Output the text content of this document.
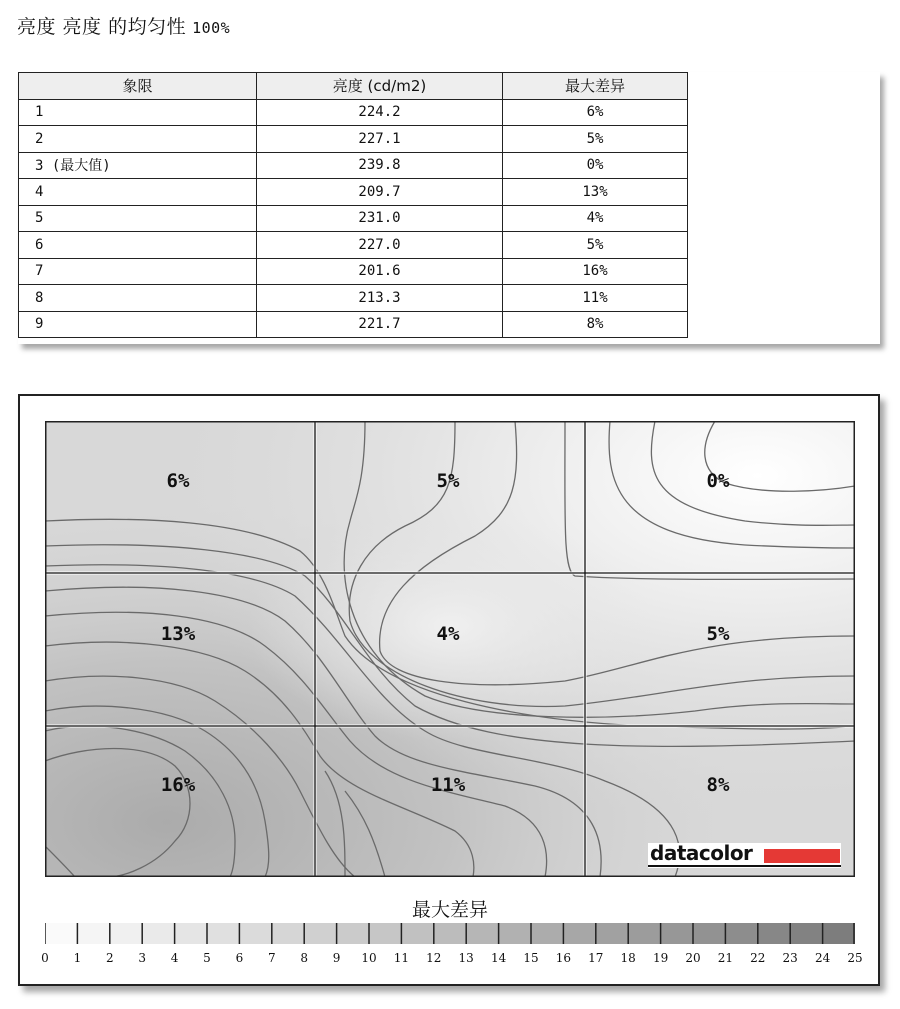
亮度 亮度 的均匀性 100%
象限	亮度 (cd/m2)	最大差异
1	224.2	6%
2	227.1	5%
3 (最大值)	239.8	0%
4	209.7	13%
5	231.0	4%
6	227.0	5%
7	201.6	16%
8	213.3	11%
9	221.7	8%
6%	5%	0%
13%	4%	5%
16%	11%	8%
datacolor
最大差异
0 1 2 3 4 5 6 7 8 9 10 11 12 13 14 15 16 17 18 19 20 21 22 23 24 25
